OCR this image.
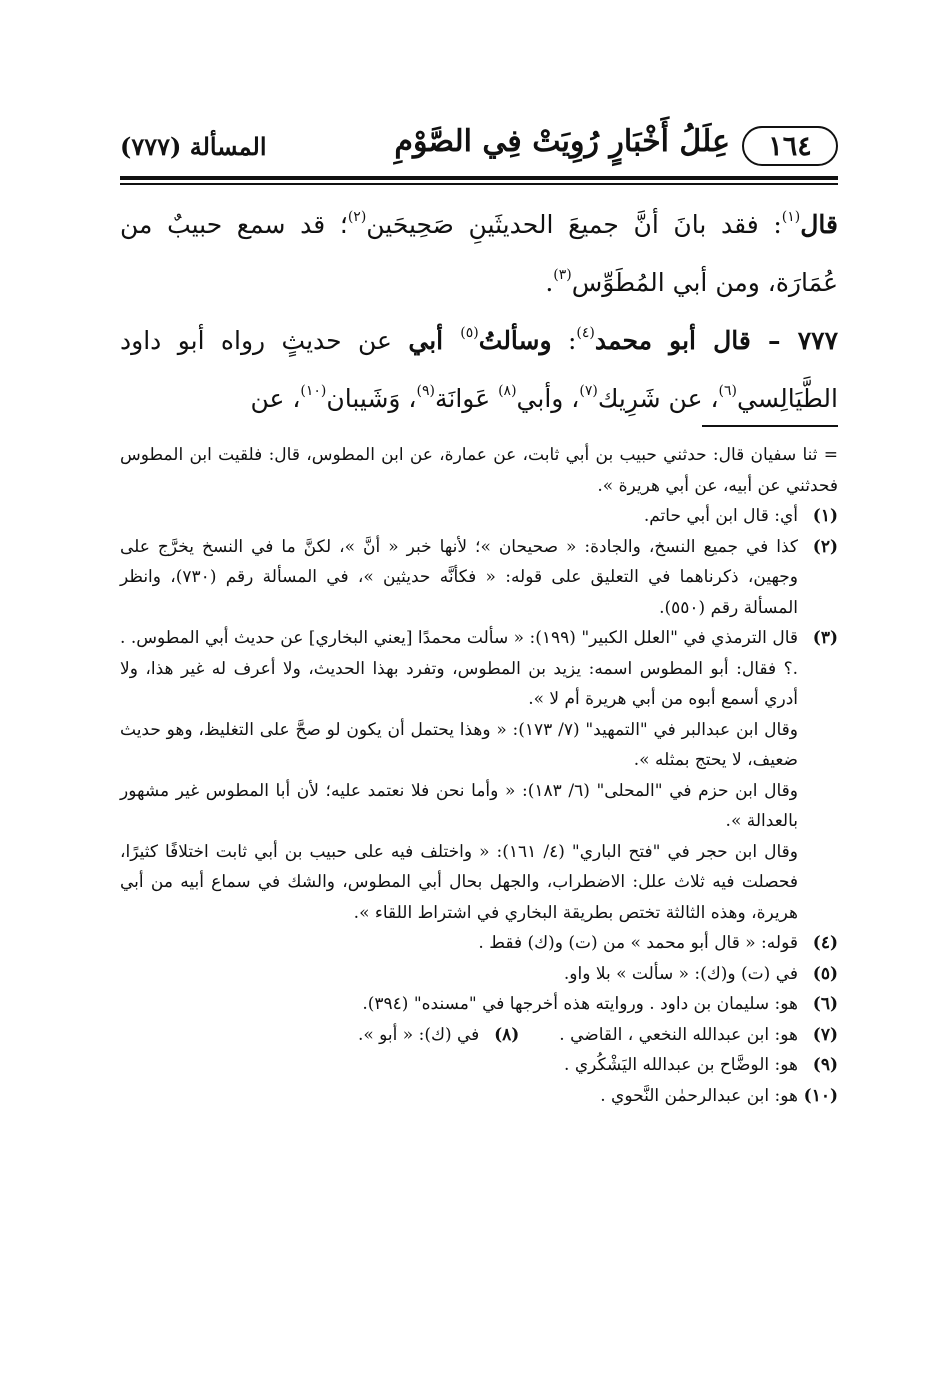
١٦٤
عِلَلُ أَخْبَارٍ رُوِيَتْ فِي الصَّوْمِ
المسألة (٧٧٧)

قال$^{(١)}$: فقد بانَ أنَّ جميعَ الحديثَينِ صَحِيحَين$^{(٢)}$؛ قد سمع حبيبٌ من عُمَارَة، ومن أبي المُطَوِّس$^{(٣)}$.

٧٧٧ – قال أبو محمد$^{(٤)}$: وسألتُ$^{(٥)}$ أبي عن حديثٍ رواه أبو داود الطَّيَالِسي$^{(٦)}$، عن شَرِيك$^{(٧)}$، وأبي$^{(٨)}$ عَوانَة$^{(٩)}$، وَشَيبان$^{(١٠)}$، عن

= ثنا سفيان قال: حدثني حبيب بن أبي ثابت، عن عمارة، عن ابن المطوس، قال: فلقيت ابن المطوس فحدثني عن أبيه، عن أبي هريرة ».
(١)
أي: قال ابن أبي حاتم.
(٢)
كذا في جميع النسخ، والجادة: « صحيحان »؛ لأنها خبر « أنَّ »، لكنَّ ما في النسخ يخرَّج على وجهين، ذكرناهما في التعليق على قوله: « فكأنَّه حديثين »، في المسألة رقم (٧٣٠)، وانظر المسألة رقم (٥٥٠).
(٣)
قال الترمذي في "العلل الكبير" (١٩٩): « سألت محمدًا [يعني البخاري] عن حديث أبي المطوس. . .؟ فقال: أبو المطوس اسمه: يزيد بن المطوس، وتفرد بهذا الحديث، ولا أعرف له غير هذا، ولا أدري أسمع أبوه من أبي هريرة أم لا ».
وقال ابن عبدالبر في "التمهيد" (٧/ ١٧٣): « وهذا يحتمل أن يكون لو صحَّ على التغليظ، وهو حديث ضعيف، لا يحتج بمثله ».
وقال ابن حزم في "المحلى" (٦/ ١٨٣): « وأما نحن فلا نعتمد عليه؛ لأن أبا المطوس غير مشهور بالعدالة ».
وقال ابن حجر في "فتح الباري" (٤/ ١٦١): « واختلف فيه على حبيب بن أبي ثابت اختلافًا كثيرًا، فحصلت فيه ثلاث علل: الاضطراب، والجهل بحال أبي المطوس، والشك في سماع أبيه من أبي هريرة، وهذه الثالثة تختص بطريقة البخاري في اشتراط اللقاء ».
(٤)
قوله: « قال أبو محمد » من (ت) و(ك) فقط .
(٥)
في (ت) و(ك): « سألت » بلا واو.
(٦)
هو: سليمان بن داود . وروايته هذه أخرجها في "مسنده" (٣٩٤).
(٧)
هو: ابن عبدالله النخعي ، القاضي .
(٨)
في (ك): « أبو ».
(٩)
هو: الوضَّاح بن عبدالله اليَشْكُري .
(١٠)
هو: ابن عبدالرحمٰن النَّحوي .
